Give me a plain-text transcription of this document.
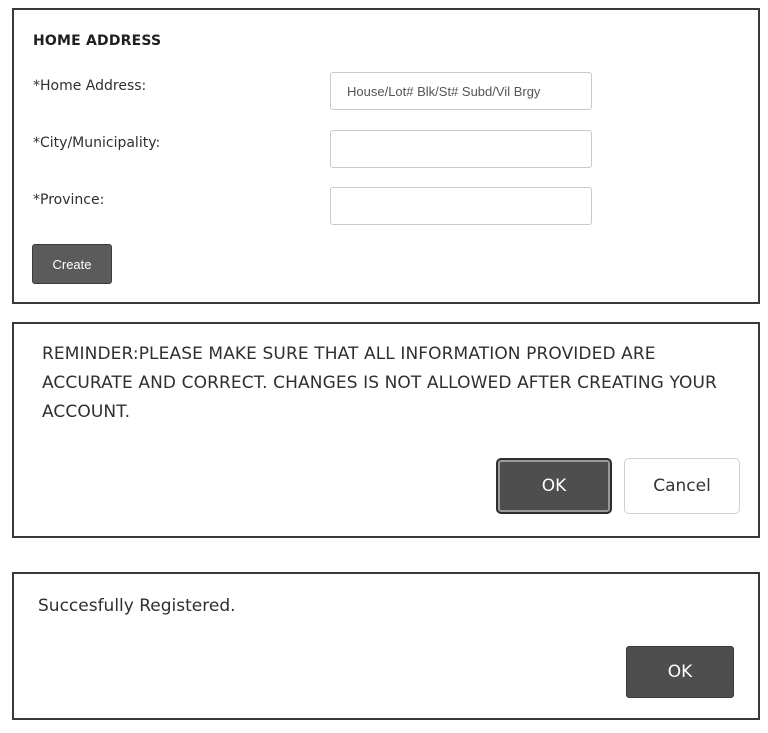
HOME ADDRESS
*Home Address:
House/Lot# Blk/St# Subd/Vil Brgy
*City/Municipality:
*Province:
Create
REMINDER:PLEASE MAKE SURE THAT ALL INFORMATION PROVIDED ARE ACCURATE AND CORRECT. CHANGES IS NOT ALLOWED AFTER CREATING YOUR ACCOUNT.
OK	Cancel
Succesfully Registered.
OK
